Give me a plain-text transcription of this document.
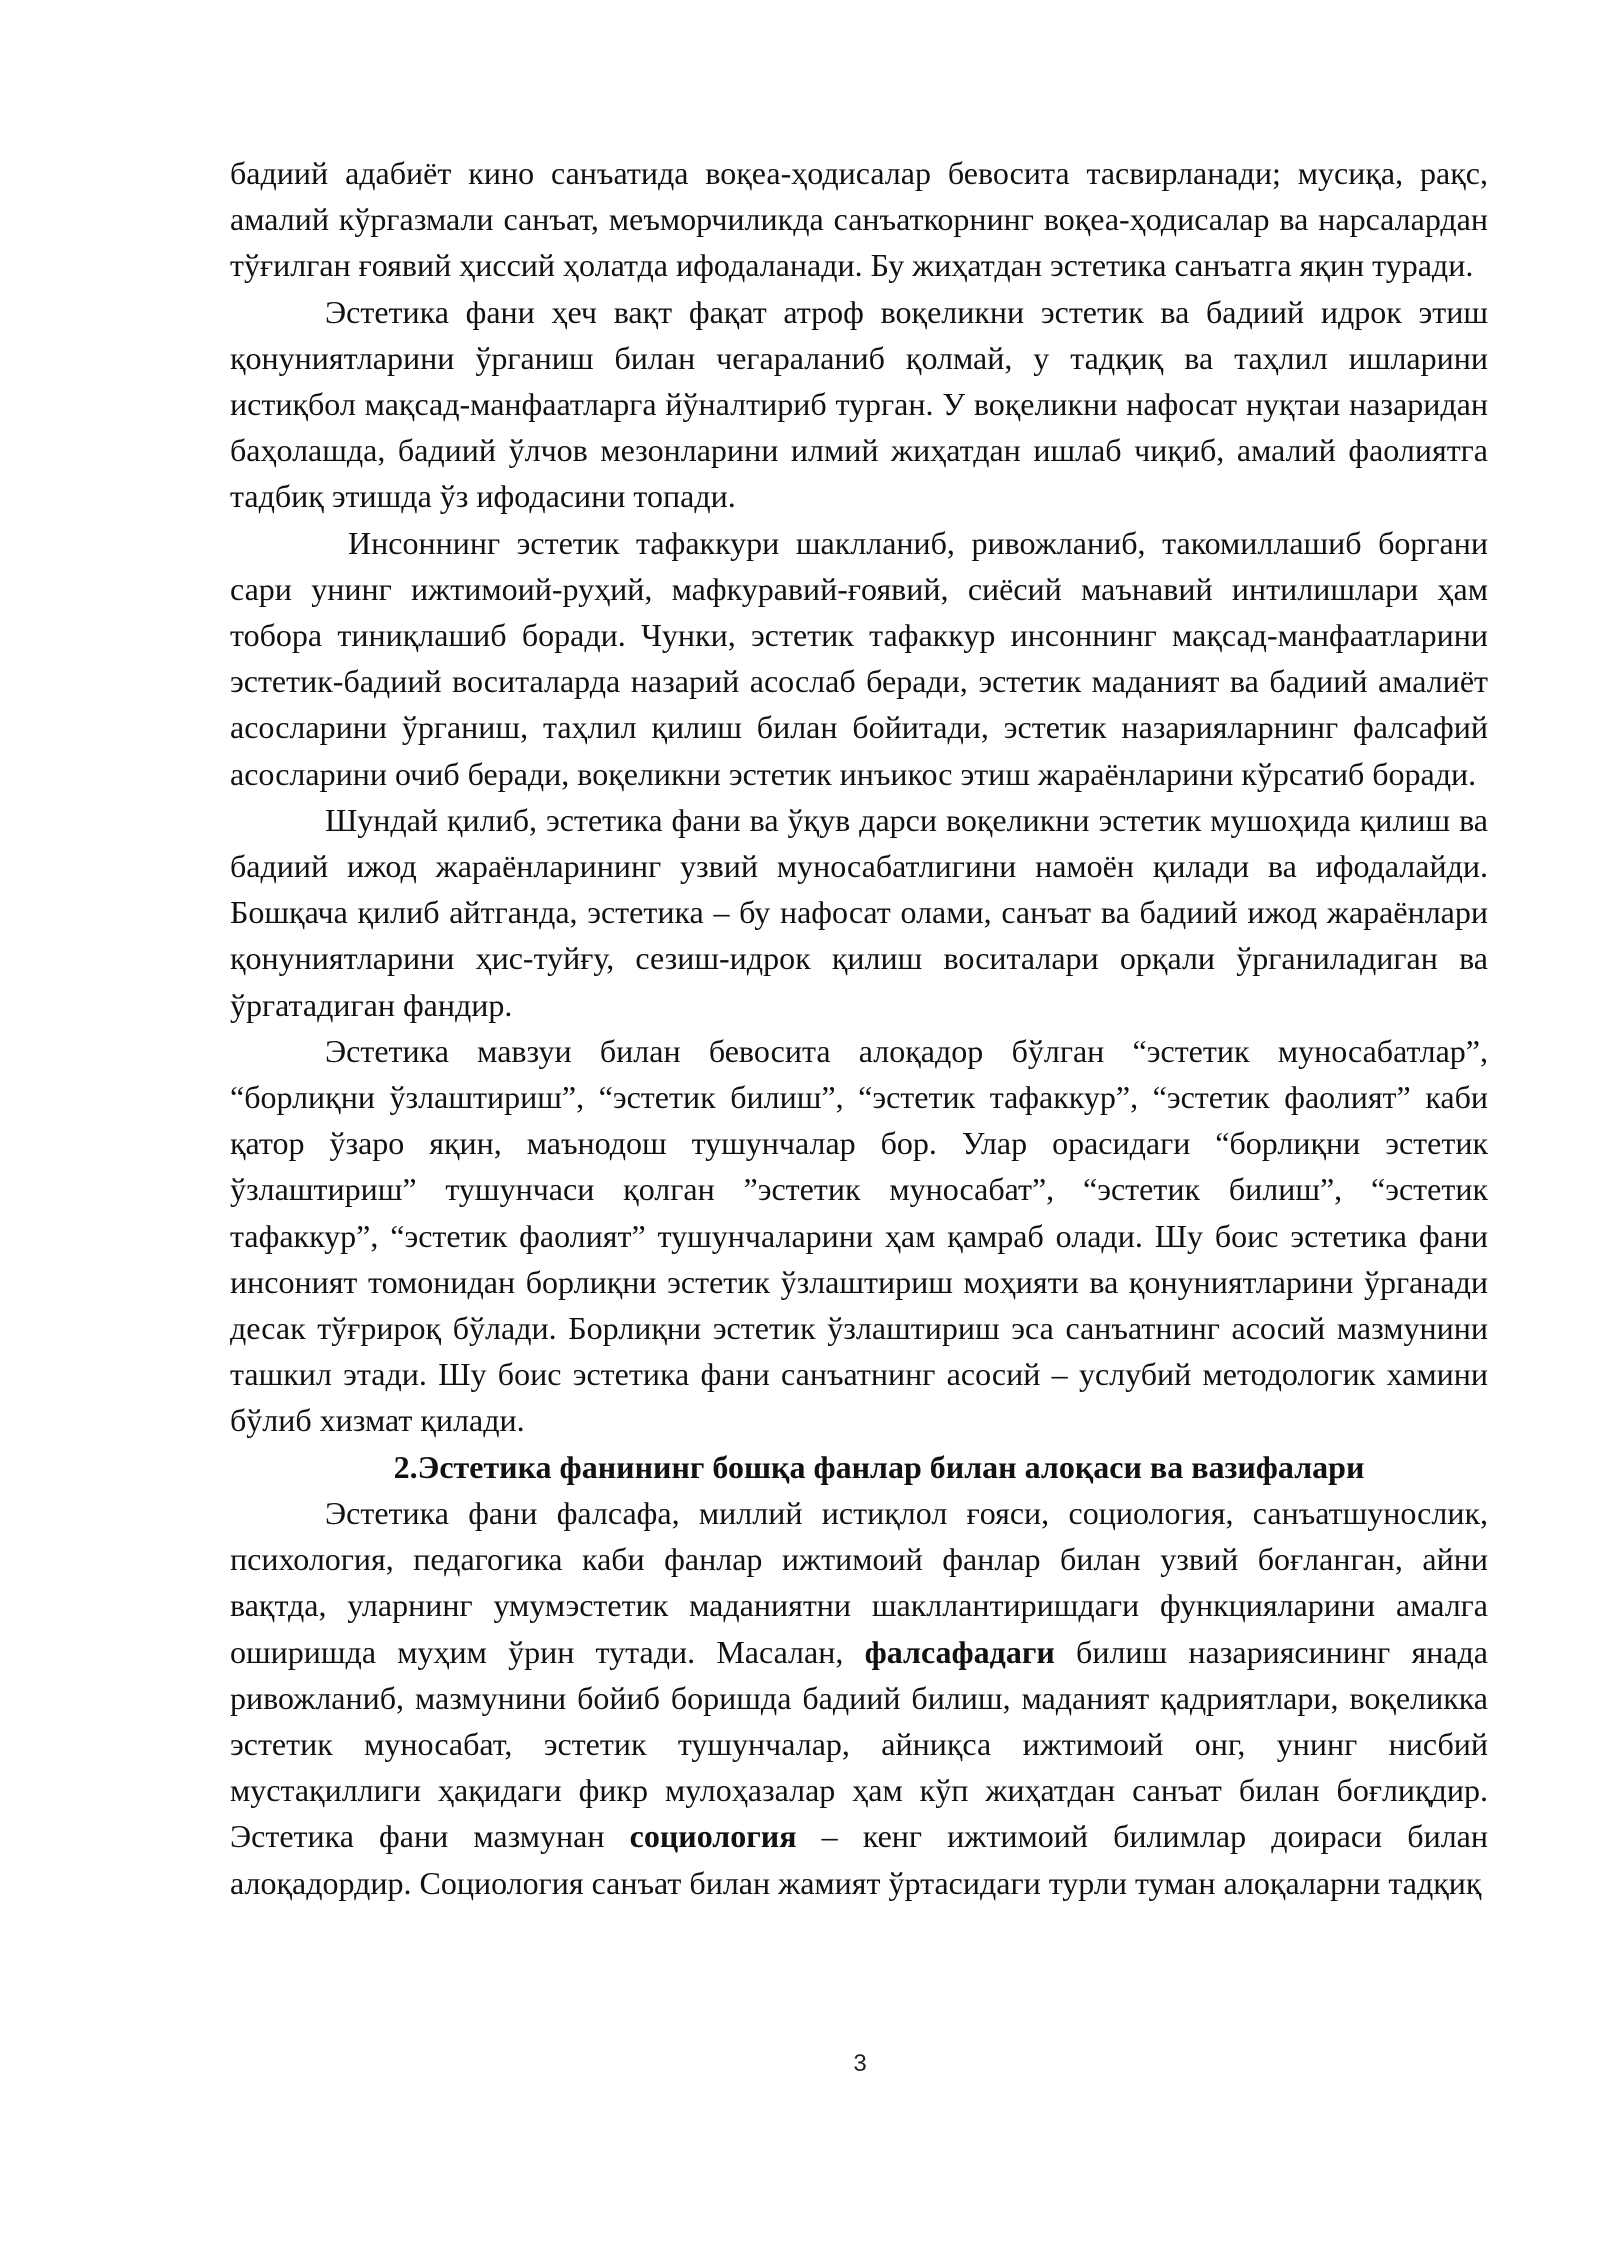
бадиий адабиёт кино санъатида воқеа-ҳодисалар бевосита тасвирланади; мусиқа, рақс, амалий кўргазмали санъат, меъморчиликда санъаткорнинг воқеа-ҳодисалар ва нарсалардан тўғилган ғоявий ҳиссий ҳолатда ифодаланади. Бу жиҳатдан эстетика санъатга яқин туради.

Эстетика фани ҳеч вақт фақат атроф воқеликни эстетик ва бадиий идрок этиш қонуниятларини ўрганиш билан чегараланиб қолмай, у тадқиқ ва таҳлил ишларини истиқбол мақсад-манфаатларга йўналтириб турган. У воқеликни нафосат нуқтаи назаридан баҳолашда, бадиий ўлчов мезонларини илмий жиҳатдан ишлаб чиқиб, амалий фаолиятга тадбиқ этишда ўз ифодасини топади.

Инсоннинг эстетик тафаккури шаклланиб, ривожланиб, такомиллашиб боргани сари унинг ижтимоий-руҳий, мафкуравий-ғоявий, сиёсий маънавий интилишлари ҳам тобора тиниқлашиб боради. Чунки, эстетик тафаккур инсоннинг мақсад-манфаатларини эстетик-бадиий воситаларда назарий асослаб беради, эстетик маданият ва бадиий амалиёт асосларини ўрганиш, таҳлил қилиш билан бойитади, эстетик назарияларнинг фалсафий асосларини очиб беради, воқеликни эстетик инъикос этиш жараёнларини кўрсатиб боради.

Шундай қилиб, эстетика фани ва ўқув дарси воқеликни эстетик мушоҳида қилиш ва бадиий ижод жараёнларининг узвий муносабатлигини намоён қилади ва ифодалайди. Бошқача қилиб айтганда, эстетика – бу нафосат олами, санъат ва бадиий ижод жараёнлари қонуниятларини ҳис-туйғу, сезиш-идрок қилиш воситалари орқали ўрганиладиган ва ўргатадиган фандир.

Эстетика мавзуи билан бевосита алоқадор бўлган “эстетик муносабатлар”, “борлиқни ўзлаштириш”, “эстетик билиш”, “эстетик тафаккур”, “эстетик фаолият” каби қатор ўзаро яқин, маънодош тушунчалар бор. Улар орасидаги “борлиқни эстетик ўзлаштириш” тушунчаси қолган ”эстетик муносабат”, “эстетик билиш”, “эстетик тафаккур”, “эстетик фаолият” тушунчаларини ҳам қамраб олади. Шу боис эстетика фани инсоният томонидан борлиқни эстетик ўзлаштириш моҳияти ва қонуниятларини ўрганади десак тўғрироқ бўлади. Борлиқни эстетик ўзлаштириш эса санъатнинг асосий мазмунини ташкил этади. Шу боис эстетика фани санъатнинг асосий – услубий методологик хамини бўлиб хизмат қилади.

2.Эстетика фанининг бошқа фанлар билан алоқаси ва вазифалари

Эстетика фани фалсафа, миллий истиқлол ғояси, социология, санъатшунослик, психология, педагогика каби фанлар ижтимоий фанлар билан узвий боғланган, айни вақтда, уларнинг умумэстетик маданиятни шакллантиришдаги функцияларини амалга оширишда муҳим ўрин тутади. Масалан, фалсафадаги билиш назариясининг янада ривожланиб, мазмунини бойиб боришда бадиий билиш, маданият қадриятлари, воқеликка эстетик муносабат, эстетик тушунчалар, айниқса ижтимоий онг, унинг нисбий мустақиллиги ҳақидаги фикр мулоҳазалар ҳам кўп жиҳатдан санъат билан боғлиқдир. Эстетика фани мазмунан социология – кенг ижтимоий билимлар доираси билан алоқадордир. Социология санъат билан жамият ўртасидаги турли туман алоқаларни тадқиқ

3
